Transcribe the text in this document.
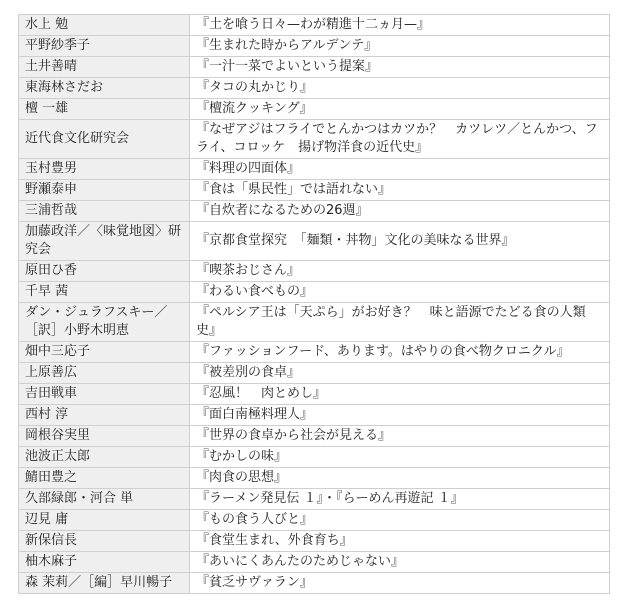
水上 勉	『土を喰う日々—わが精進十二ヵ月—』
平野紗季子	『生まれた時からアルデンテ』
土井善晴	『一汁一菜でよいという提案』
東海林さだお	『タコの丸かじり』
檀 一雄	『檀流クッキング』
近代食文化研究会	『なぜアジはフライでとんかつはカツか？　カツレツ／とんかつ、フライ、コロッケ　揚げ物洋食の近代史』
玉村豊男	『料理の四面体』
野瀬泰申	『食は「県民性」では語れない』
三浦哲哉	『自炊者になるための26週』
加藤政洋／〈味覚地図〉研究会	『京都食堂探究　「麺類・丼物」文化の美味なる世界』
原田ひ香	『喫茶おじさん』
千早 茜	『わるい食べもの』
ダン・ジュラフスキー／［訳］小野木明恵	『ペルシア王は「天ぷら」がお好き？　味と語源でたどる食の人類史』
畑中三応子	『ファッションフード、あります。はやりの食べ物クロニクル』
上原善広	『被差別の食卓』
吉田戦車	『忍風！　肉とめし』
西村 淳	『面白南極料理人』
岡根谷実里	『世界の食卓から社会が見える』
池波正太郎	『むかしの味』
鯖田豊之	『肉食の思想』
久部緑郎・河合 単	『ラーメン発見伝 １』・『らーめん再遊記 １』
辺見 庸	『もの食う人びと』
新保信長	『食堂生まれ、外食育ち』
柚木麻子	『あいにくあんたのためじゃない』
森 茉莉／［編］早川暢子	『貧乏サヴァラン』
